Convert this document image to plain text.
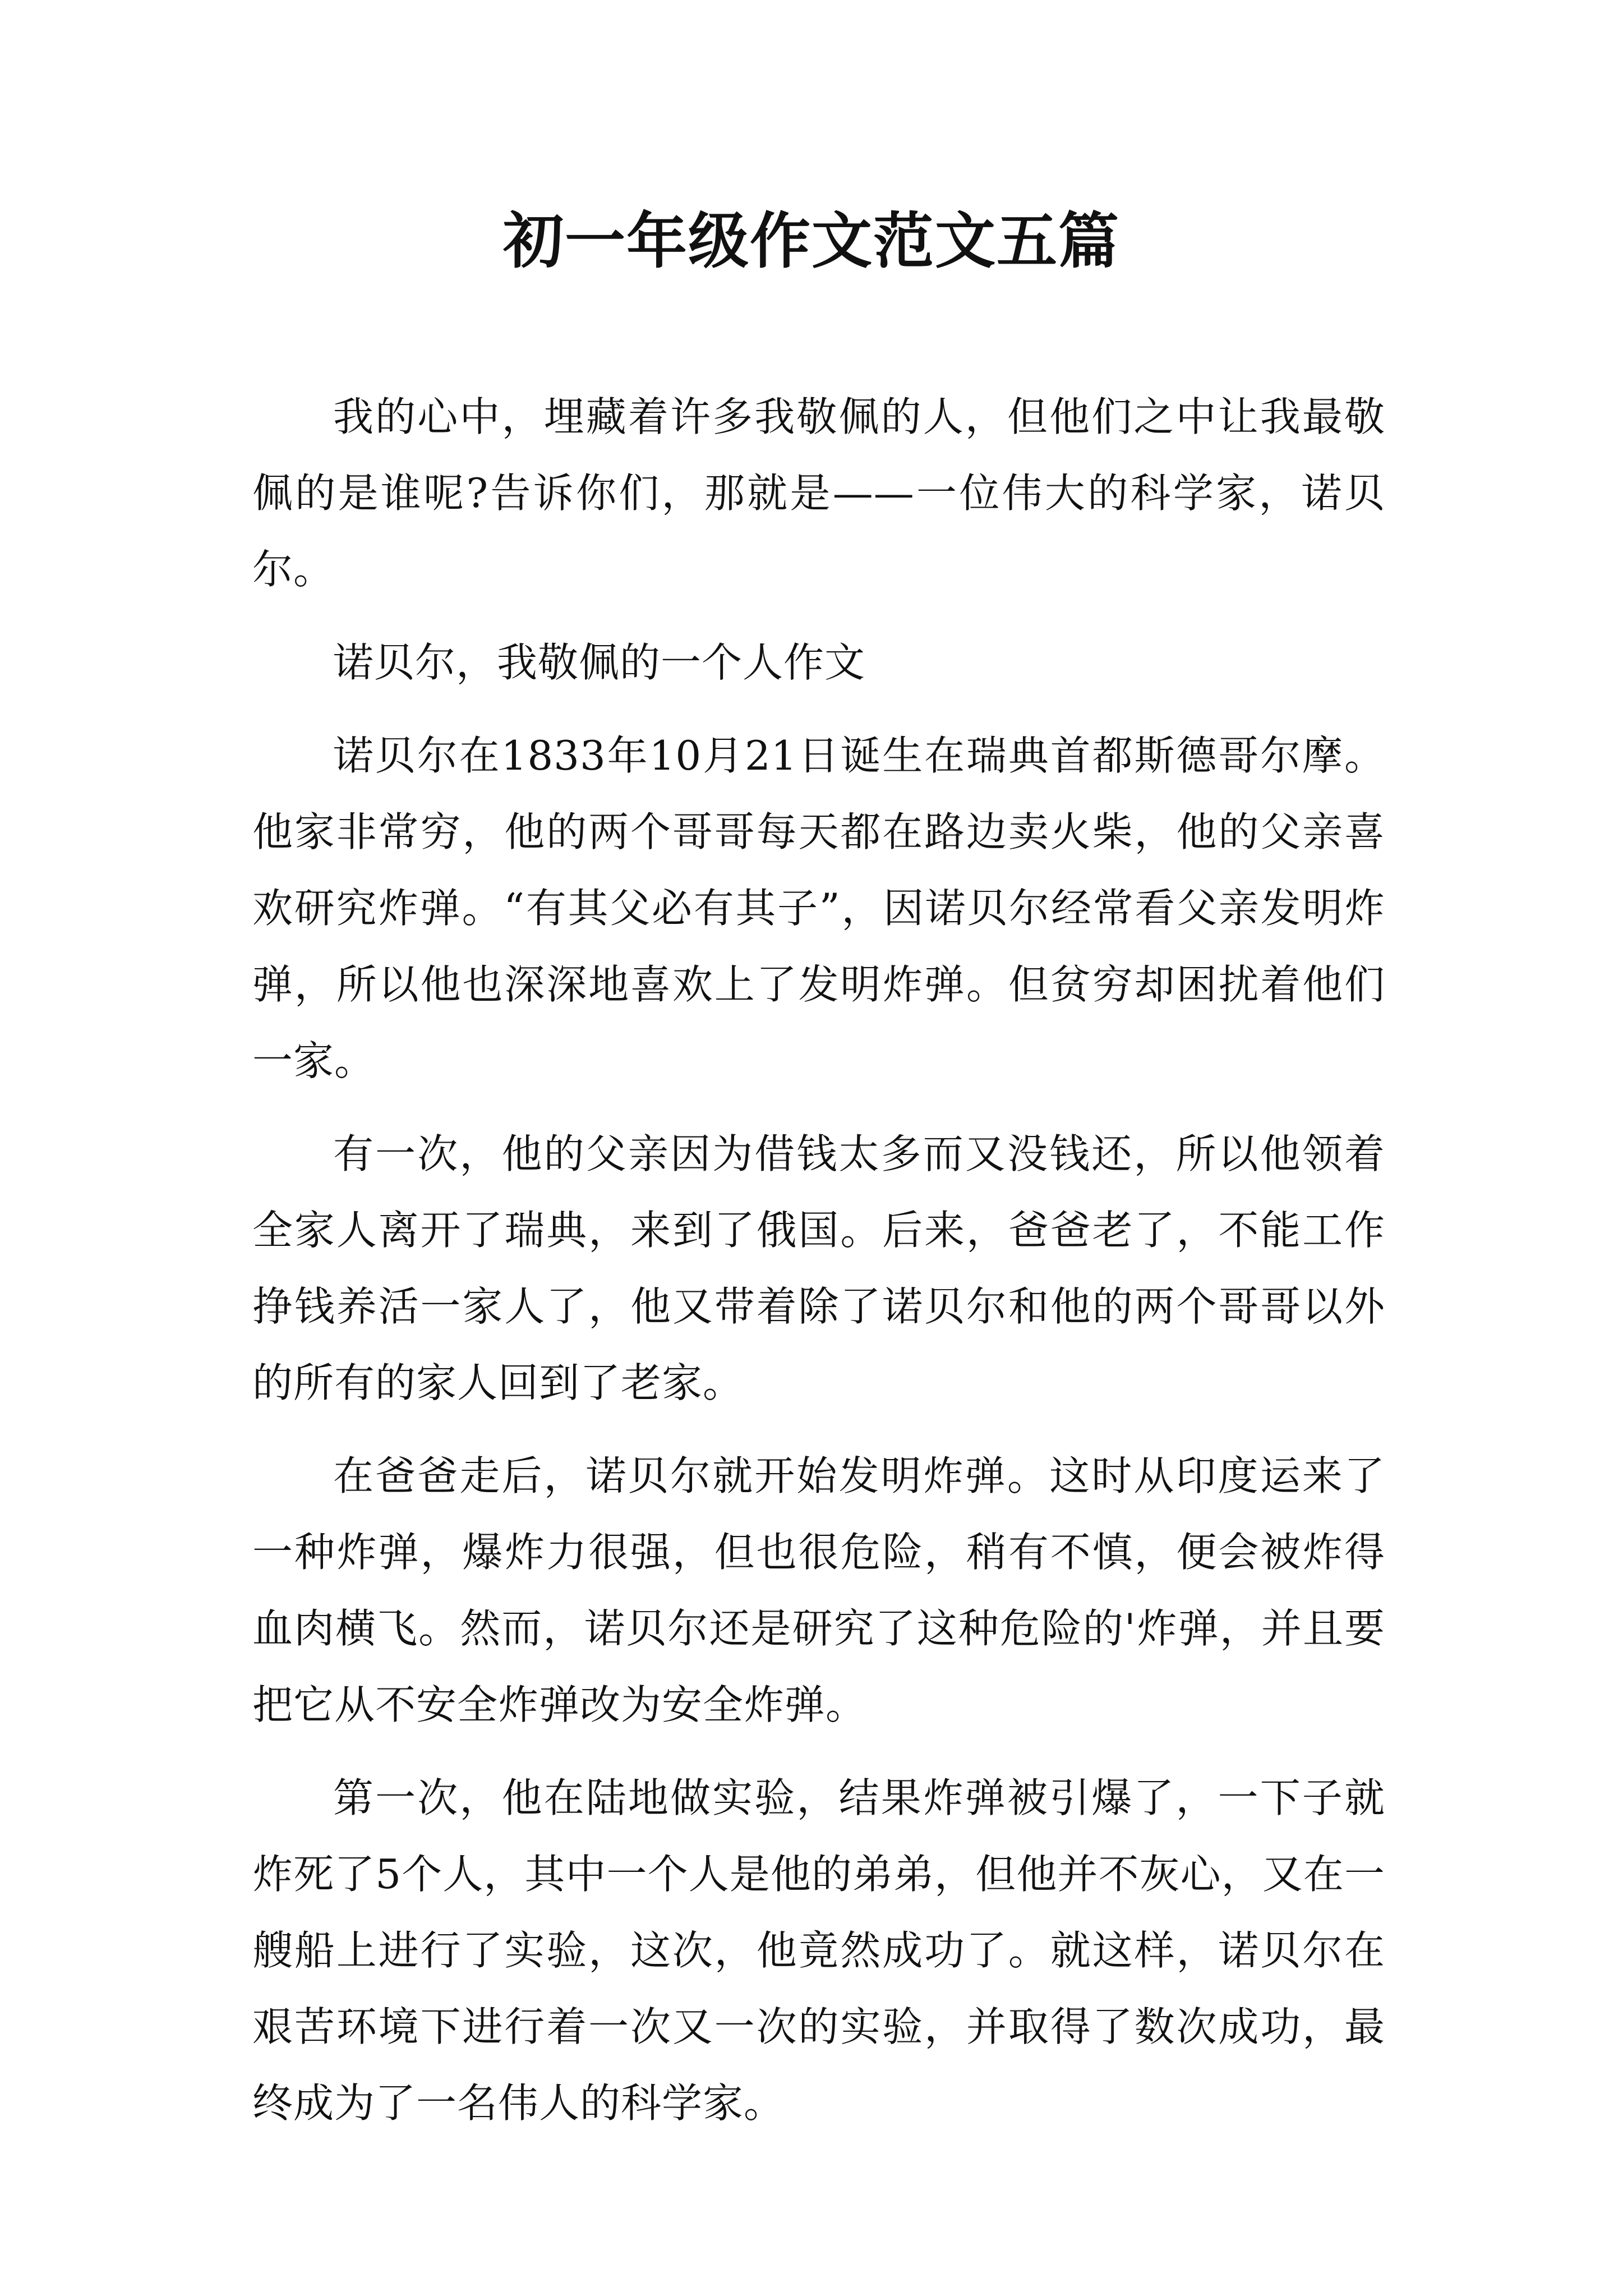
初一年级作文范文五篇

我的心中，埋藏着许多我敬佩的人，但他们之中让我最敬佩的是谁呢?告诉你们，那就是——一位伟大的科学家，诺贝尔。

诺贝尔，我敬佩的一个人作文

诺贝尔在1833年10月21日诞生在瑞典首都斯德哥尔摩。他家非常穷，他的两个哥哥每天都在路边卖火柴，他的父亲喜欢研究炸弹。“有其父必有其子”，因诺贝尔经常看父亲发明炸弹，所以他也深深地喜欢上了发明炸弹。但贫穷却困扰着他们一家。

有一次，他的父亲因为借钱太多而又没钱还，所以他领着全家人离开了瑞典，来到了俄国。后来，爸爸老了，不能工作挣钱养活一家人了，他又带着除了诺贝尔和他的两个哥哥以外的所有的家人回到了老家。

在爸爸走后，诺贝尔就开始发明炸弹。这时从印度运来了一种炸弹，爆炸力很强，但也很危险，稍有不慎，便会被炸得血肉横飞。然而，诺贝尔还是研究了这种危险的'炸弹，并且要把它从不安全炸弹改为安全炸弹。

第一次，他在陆地做实验，结果炸弹被引爆了，一下子就炸死了5个人，其中一个人是他的弟弟，但他并不灰心，又在一艘船上进行了实验，这次，他竟然成功了。就这样，诺贝尔在艰苦环境下进行着一次又一次的实验，并取得了数次成功，最终成为了一名伟人的科学家。
